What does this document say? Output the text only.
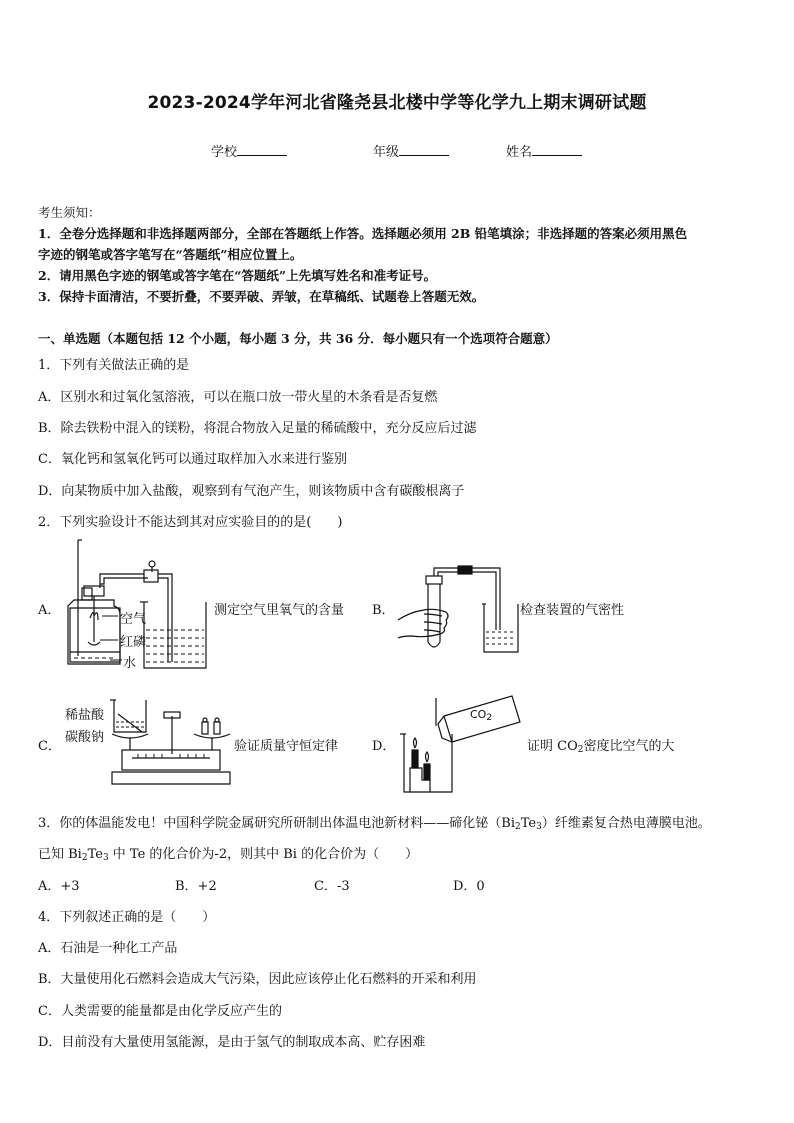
2023-2024学年河北省隆尧县北楼中学等化学九上期末调研试题
学校	年级	姓名
考生须知：
1．全卷分选择题和非选择题两部分，全部在答题纸上作答。选择题必须用 2B 铅笔填涂；非选择题的答案必须用黑色
字迹的钢笔或答字笔写在“答题纸”相应位置上。
2．请用黑色字迹的钢笔或答字笔在“答题纸”上先填写姓名和准考证号。
3．保持卡面清洁，不要折叠，不要弄破、弄皱，在草稿纸、试题卷上答题无效。
一、单选题（本题包括 12 个小题，每小题 3 分，共 36 分．每小题只有一个选项符合题意）
1．下列有关做法正确的是
A．区别水和过氧化氢溶液，可以在瓶口放一带火星的木条看是否复燃
B．除去铁粉中混入的镁粉，将混合物放入足量的稀硫酸中，充分反应后过滤
C．氧化钙和氢氧化钙可以通过取样加入水来进行鉴别
D．向某物质中加入盐酸，观察到有气泡产生，则该物质中含有碳酸根离子
2．下列实验设计不能达到其对应实验目的的是(　　)
A．
空气
红磷
水
测定空气里氧气的含量 B．	检查装置的气密性
稀盐酸
碳酸钠
C．	验证质量守恒定律	D．
$CO_2$
证明 $CO_2$密度比空气的大
3．你的体温能发电！中国科学院金属研究所研制出体温电池新材料——碲化铋$(Bi_2Te_3)$纤维素复合热电薄膜电池。
已知 $Bi_2Te_3$ 中 Te 的化合价为-2，则其中 Bi 的化合价为（　　）
A．+3	B．+2	C．-3	D．0
4．下列叙述正确的是（　　）
A．石油是一种化工产品
B．大量使用化石燃料会造成大气污染，因此应该停止化石燃料的开采和利用
C．人类需要的能量都是由化学反应产生的
D．目前没有大量使用氢能源，是由于氢气的制取成本高、贮存困难
